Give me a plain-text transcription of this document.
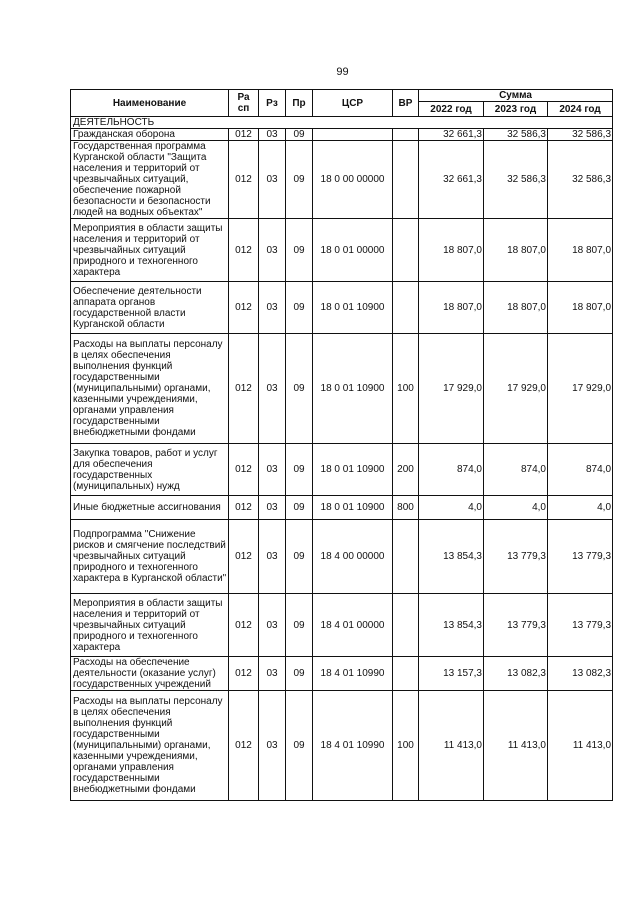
99
Наименование	Ра сп	Рз	Пр	ЦСР	ВР	Сумма		
						2022 год	2023 год	2024 год
ДЕЯТЕЛЬНОСТЬ								
Гражданская оборона	012	03	09			32 661,3	32 586,3	32 586,3
Государственная программа Курганской области "Защита населения и территорий от чрезвычайных ситуаций, обеспечение пожарной безопасности и безопасности людей на водных объектах"	012	03	09	18 0 00 00000		32 661,3	32 586,3	32 586,3
Мероприятия в области защиты населения и территорий от чрезвычайных ситуаций природного и техногенного характера	012	03	09	18 0 01 00000		18 807,0	18 807,0	18 807,0
Обеспечение деятельности аппарата органов государственной власти Курганской области	012	03	09	18 0 01 10900		18 807,0	18 807,0	18 807,0
Расходы на выплаты персоналу в целях обеспечения выполнения функций государственными (муниципальными) органами, казенными учреждениями, органами управления государственными внебюджетными фондами	012	03	09	18 0 01 10900	100	17 929,0	17 929,0	17 929,0
Закупка товаров, работ и услуг для обеспечения государственных (муниципальных) нужд	012	03	09	18 0 01 10900	200	874,0	874,0	874,0
Иные бюджетные ассигнования	012	03	09	18 0 01 10900	800	4,0	4,0	4,0
Подпрограмма "Снижение рисков и смягчение последствий чрезвычайных ситуаций природного и техногенного характера в Курганской области"	012	03	09	18 4 00 00000		13 854,3	13 779,3	13 779,3
Мероприятия в области защиты населения и территорий от чрезвычайных ситуаций природного и техногенного характера	012	03	09	18 4 01 00000		13 854,3	13 779,3	13 779,3
Расходы на обеспечение деятельности (оказание услуг) государственных учреждений	012	03	09	18 4 01 10990		13 157,3	13 082,3	13 082,3
Расходы на выплаты персоналу в целях обеспечения выполнения функций государственными (муниципальными) органами, казенными учреждениями, органами управления государственными внебюджетными фондами	012	03	09	18 4 01 10990	100	11 413,0	11 413,0	11 413,0
